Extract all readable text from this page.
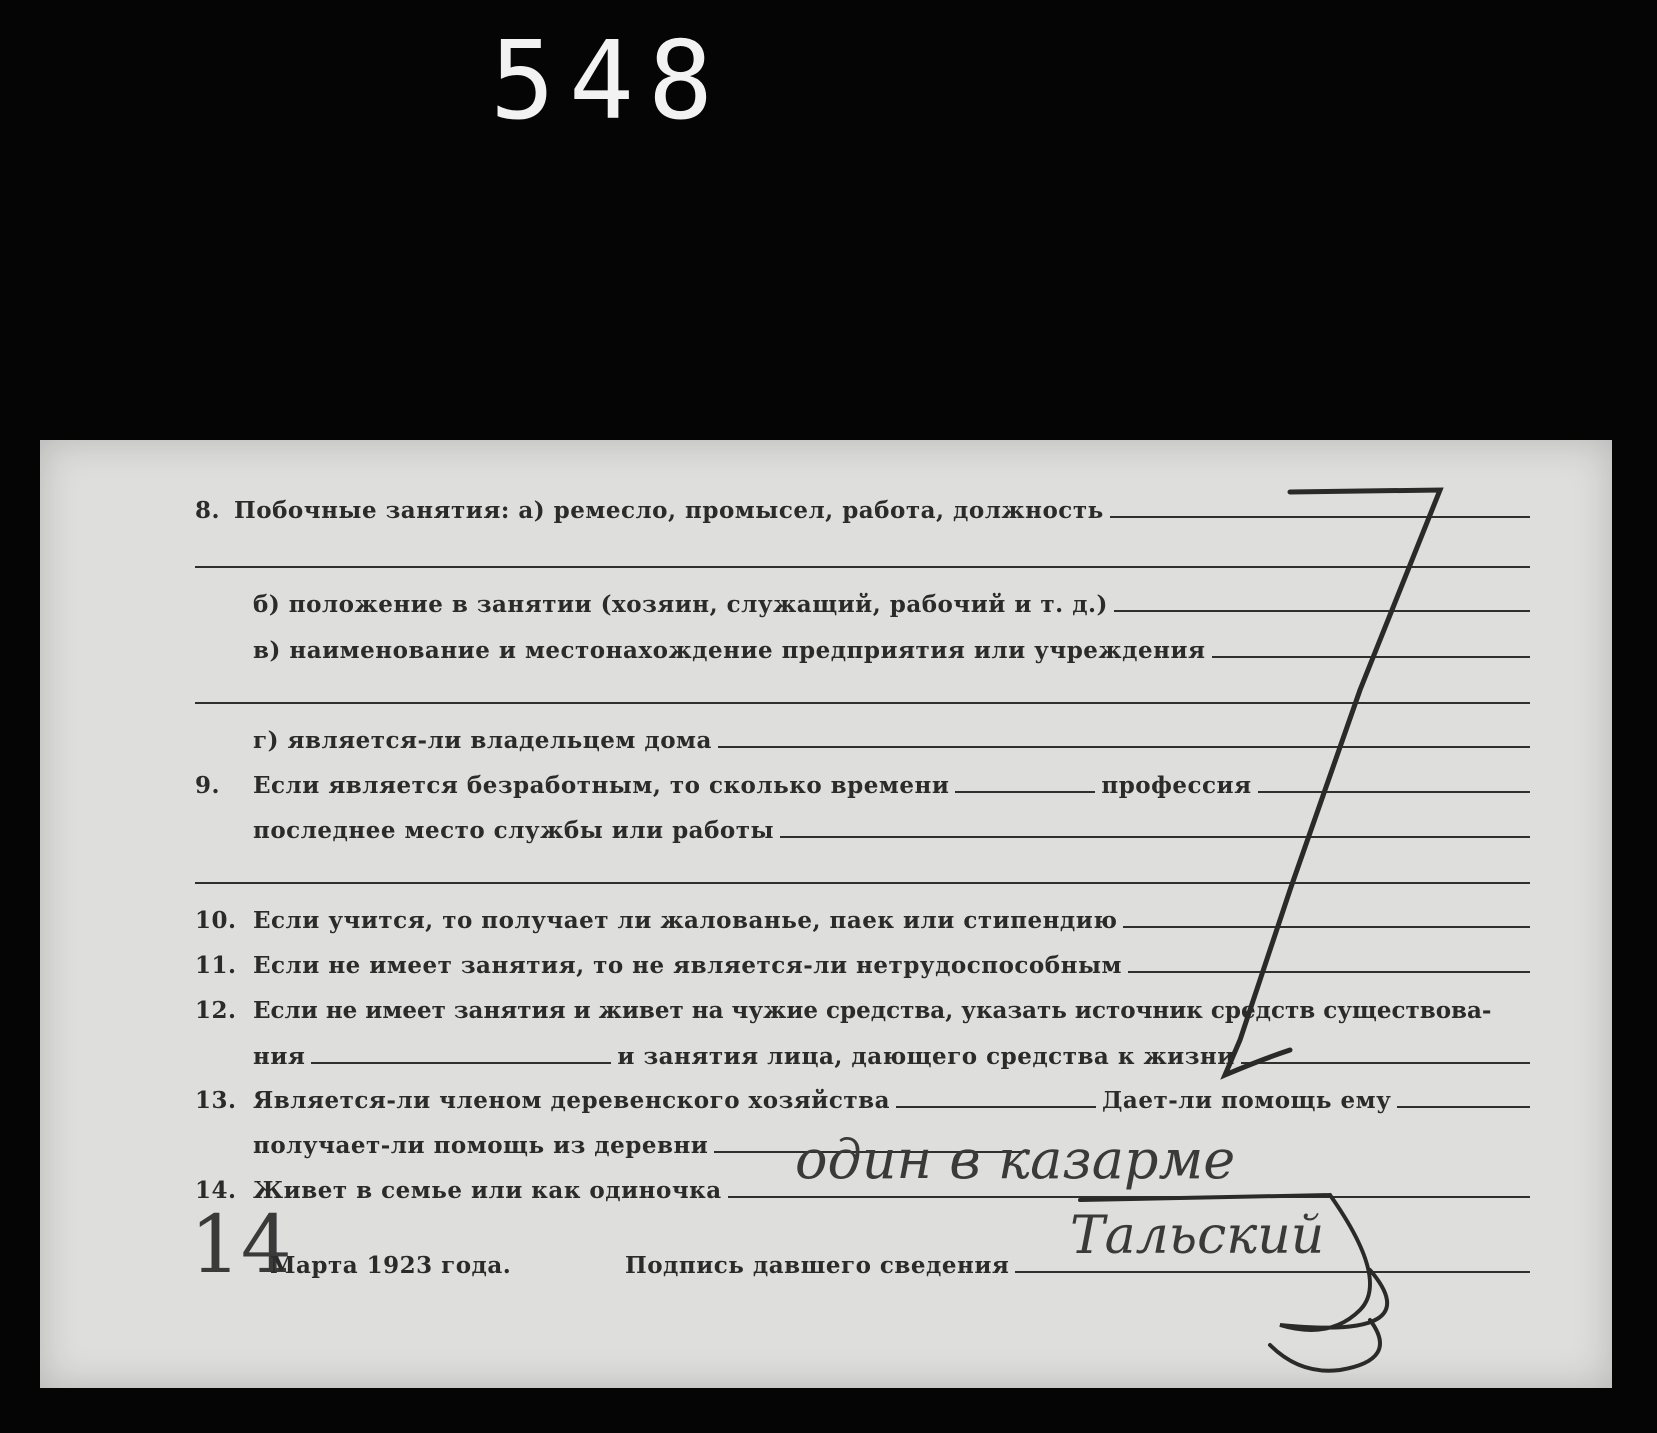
548
8. Побочные занятия: а) ремесло, промысел, работа, должность
б) положение в занятии (хозяин, служащий, рабочий и т. д.)
в) наименование и местонахождение предприятия или учреждения
г) является-ли владельцем дома
9.	Если является безработным, то сколько времени	профессия
последнее место службы или работы
10. Если учится, то получает ли жалованье, паек или стипендию
11. Если не имеет занятия, то не является-ли нетрудоспособным
12. Если не имеет занятия и живет на чужие средства, указать источник средств существова-
ния	и занятия лица, дающего средства к жизни
13. Является-ли членом деревенского хозяйства	Дает-ли помощь ему
получает-ли помощь из деревни
14. Живет в семье или как одиночка один в казарме
14
Марта 1923 года.	Подпись давшего сведения Тальский
